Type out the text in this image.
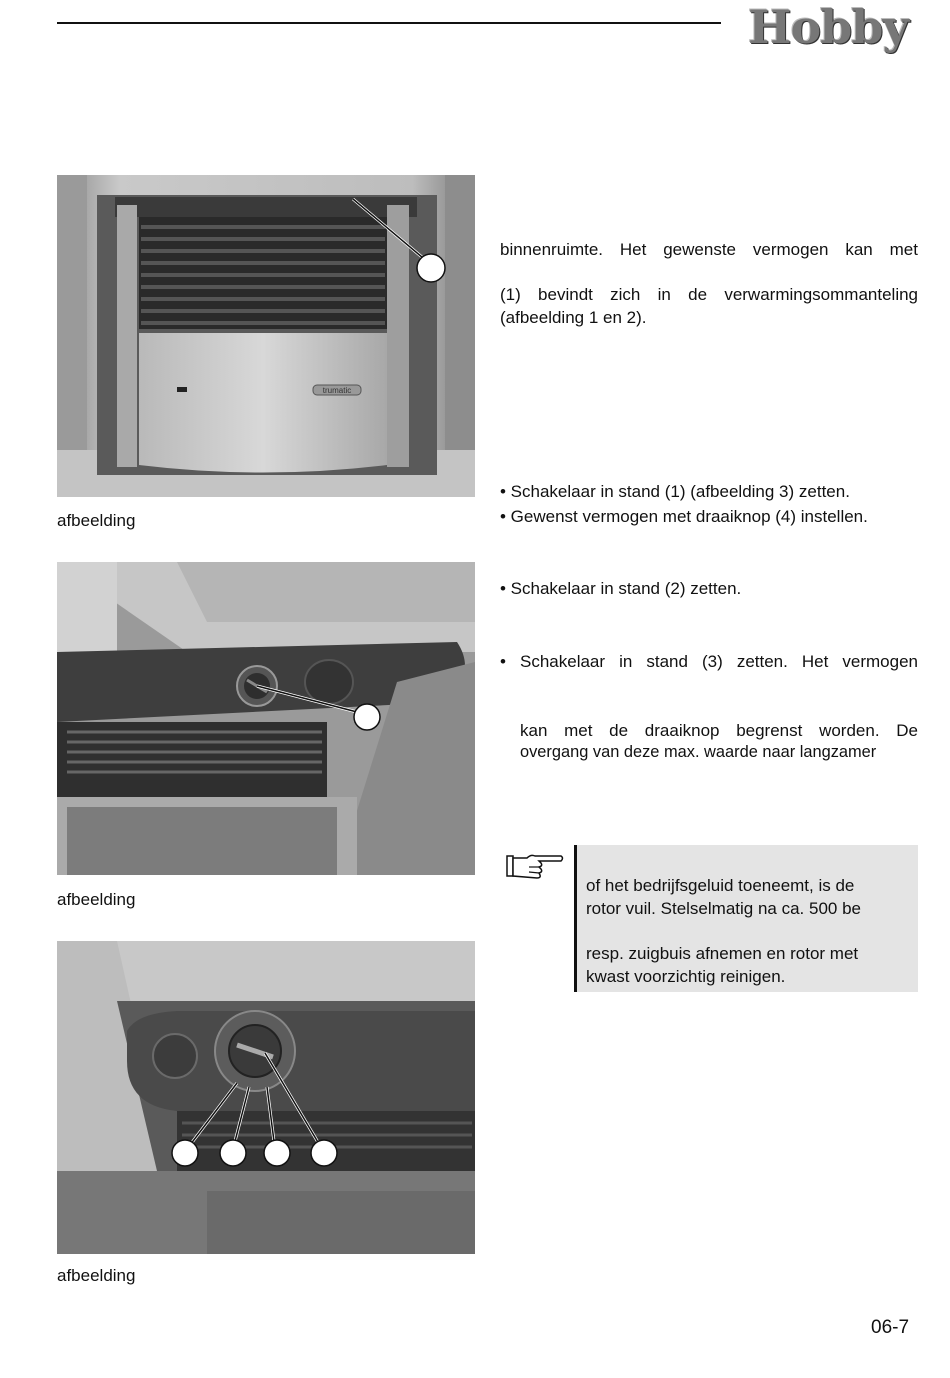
Hobby
trumatic
afbeelding
afbeelding
afbeelding
binnenruimte. Het gewenste vermogen kan met
(1) bevindt zich in de verwarmingsommanteling
(afbeelding 1 en 2).
• Schakelaar in stand (1) (afbeelding 3) zetten.
• Gewenst vermogen met draaiknop (4) instellen.
• Schakelaar in stand (2) zetten.
• Schakelaar in stand (3) zetten. Het vermogen
kan met de draaiknop begrenst worden. De
overgang van deze max. waarde naar langzamer
of het bedrijfsgeluid toeneemt, is de
rotor vuil. Stelselmatig na ca. 500 be
resp. zuigbuis afnemen en rotor met
kwast voorzichtig reinigen.
06-7
